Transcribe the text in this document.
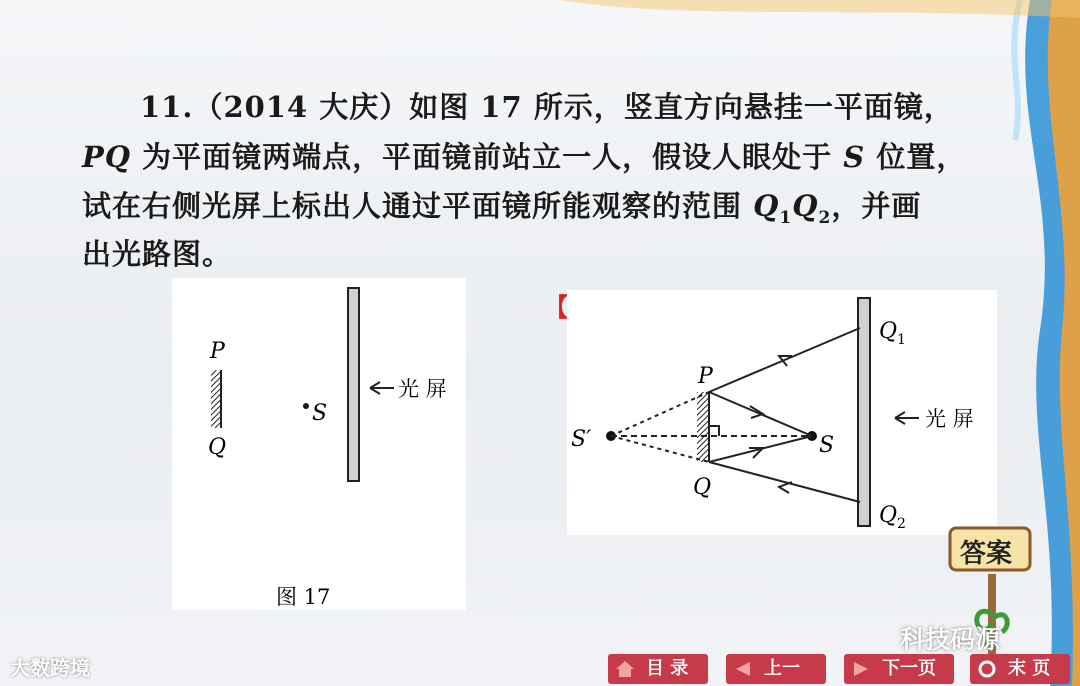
11.（2014 大庆）如图 17 所示，竖直方向悬挂一平面镜，
PQ 为平面镜两端点，平面镜前站立一人，假设人眼处于 S 位置，
试在右侧光屏上标出人通过平面镜所能观察的范围 $Q_1Q_2$，并画
出光路图。
P
Q
S
光 屏
图 17
【答案】
Q 1
Q 2
P
Q
S′	S
光 屏
答案
大数跨境
科技码源
目 录	上一	下一页	末 页
